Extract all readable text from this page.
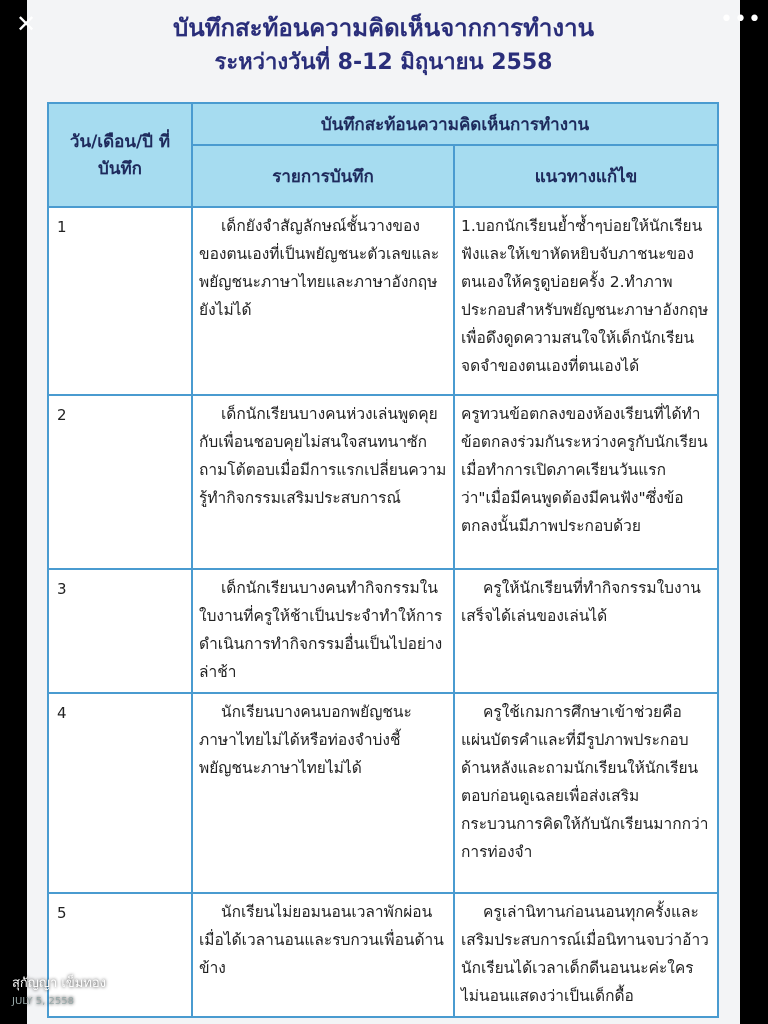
✕	•••
บันทึกสะท้อนความคิดเห็นจากการทำงาน
ระหว่างวันที่ 8-12 มิถุนายน 2558
วัน/เดือน/ปี ที่บันทึก	บันทึกสะท้อนความคิดเห็นการทำงาน	
	รายการบันทึก	แนวทางแก้ไข
1	เด็กยังจำสัญลักษณ์ชั้นวางของของตนเองที่เป็นพยัญชนะตัวเลขและพยัญชนะภาษาไทยและภาษาอังกฤษยังไม่ได้	1.บอกนักเรียนย้ำซ้ำๆบ่อยให้นักเรียนฟังและให้เขาหัดหยิบจับภาชนะของตนเองให้ครูดูบ่อยครั้ง 2.ทำภาพประกอบสำหรับพยัญชนะภาษาอังกฤษเพื่อดึงดูดความสนใจให้เด็กนักเรียนจดจำของตนเองที่ตนเองได้
2	เด็กนักเรียนบางคนห่วงเล่นพูดคุยกับเพื่อนชอบคุยไม่สนใจสนทนาซักถามโต้ตอบเมื่อมีการแรกเปลี่ยนความรู้ทำกิจกรรมเสริมประสบการณ์	ครูทวนข้อตกลงของห้องเรียนที่ได้ทำข้อตกลงร่วมกันระหว่างครูกับนักเรียนเมื่อทำการเปิดภาคเรียนวันแรกว่า"เมื่อมีคนพูดต้องมีคนฟัง"ซึ่งข้อตกลงนั้นมีภาพประกอบด้วย
3	เด็กนักเรียนบางคนทำกิจกรรมในใบงานที่ครูให้ช้าเป็นประจำทำให้การดำเนินการทำกิจกรรมอื่นเป็นไปอย่างล่าช้า	ครูให้นักเรียนที่ทำกิจกรรมใบงานเสร็จได้เล่นของเล่นได้
4	นักเรียนบางคนบอกพยัญชนะภาษาไทยไม่ได้หรือท่องจำบ่งชี้พยัญชนะภาษาไทยไม่ได้	ครูใช้เกมการศึกษาเข้าช่วยคือแผ่นบัตรคำและที่มีรูปภาพประกอบด้านหลังและถามนักเรียนให้นักเรียนตอบก่อนดูเฉลยเพื่อส่งเสริมกระบวนการคิดให้กับนักเรียนมากกว่าการท่องจำ
5	นักเรียนไม่ยอมนอนเวลาพักผ่อนเมื่อได้เวลานอนและรบกวนเพื่อนด้านข้าง	ครูเล่านิทานก่อนนอนทุกครั้งและเสริมประสบการณ์เมื่อนิทานจบว่าอ้าวนักเรียนได้เวลาเด็กดีนอนนะค่ะใครไม่นอนแสดงว่าเป็นเด็กดื้อ
สุกัญญา เข็มทอง
JULY 5, 2558
